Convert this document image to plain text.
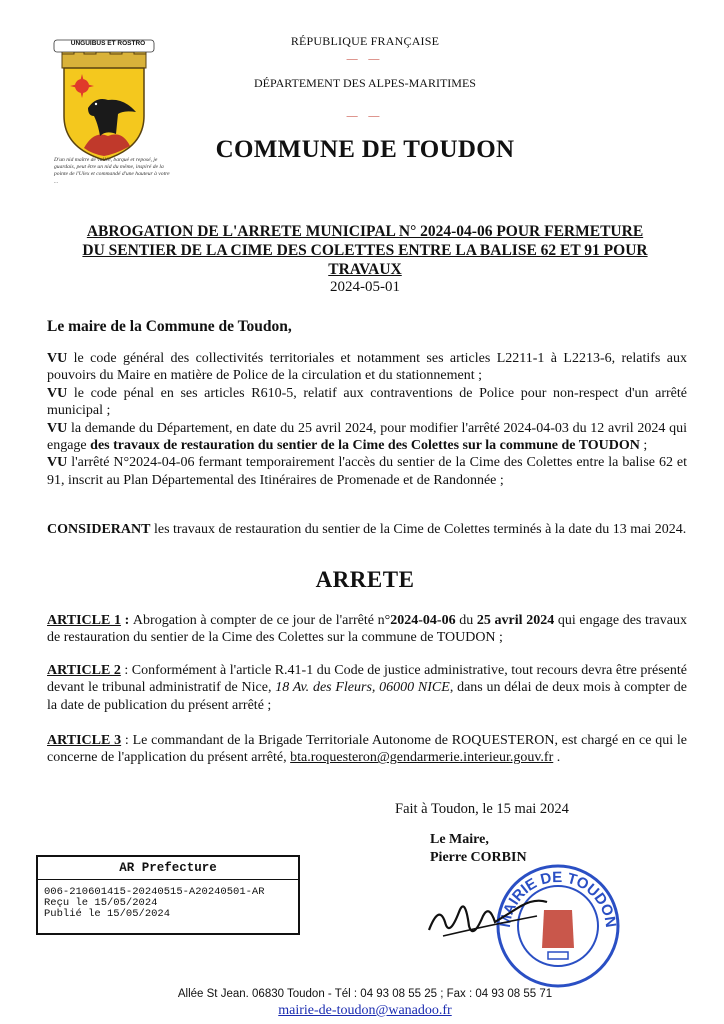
UNGUIBUS ET ROSTRO
D'un nid maître de vallée, barqué et reposé, je guardais, peut être un nid du même, inspiré de la pointe de l'Ulex et commandé d'une hauteur à votre ...
RÉPUBLIQUE FRANÇAISE
— —
DÉPARTEMENT DES ALPES-MARITIMES
— —
COMMUNE DE TOUDON
ABROGATION DE L'ARRETE MUNICIPAL N° 2024-04-06 POUR FERMETURE
DU SENTIER DE LA CIME DES COLETTES ENTRE LA BALISE 62 ET 91 POUR
TRAVAUX
2024-05-01
Le maire de la Commune de Toudon,
VU le code général des collectivités territoriales et notamment ses articles L2211-1 à L2213-6, relatifs aux pouvoirs du Maire en matière de Police de la circulation et du stationnement ;
VU le code pénal en ses articles R610-5, relatif aux contraventions de Police pour non-respect d'un arrêté municipal ;
VU la demande du Département, en date du 25 avril 2024, pour modifier l'arrêté 2024-04-03 du 12 avril 2024 qui engage des travaux de restauration du sentier de la Cime des Colettes sur la commune de TOUDON ;
VU l'arrêté N°2024-04-06 fermant temporairement l'accès du sentier de la Cime des Colettes entre la balise 62 et 91, inscrit au Plan Départemental des Itinéraires de Promenade et de Randonnée ;
CONSIDERANT les travaux de restauration du sentier de la Cime de Colettes terminés à la date du 13 mai 2024.
ARRETE
ARTICLE 1 : Abrogation à compter de ce jour de l'arrêté n°2024-04-06 du 25 avril 2024 qui engage des travaux de restauration du sentier de la Cime des Colettes sur la commune de TOUDON ;
ARTICLE 2 : Conformément à l'article R.41-1 du Code de justice administrative, tout recours devra être présenté devant le tribunal administratif de Nice, 18 Av. des Fleurs, 06000 NICE, dans un délai de deux mois à compter de la date de publication du présent arrêté ;
ARTICLE 3 : Le commandant de la Brigade Territoriale Autonome de ROQUESTERON, est chargé en ce qui le concerne de l'application du présent arrêté, bta.roquesteron@gendarmerie.interieur.gouv.fr .
Fait à Toudon, le 15 mai 2024
Le Maire,
Pierre CORBIN
MAIRIE DE TOUDON
AR Prefecture
006-210601415-20240515-A20240501-AR
Reçu le 15/05/2024
Publié le 15/05/2024
Allée St Jean. 06830 Toudon - Tél : 04 93 08 55 25 ; Fax : 04 93 08 55 71
mairie-de-toudon@wanadoo.fr
